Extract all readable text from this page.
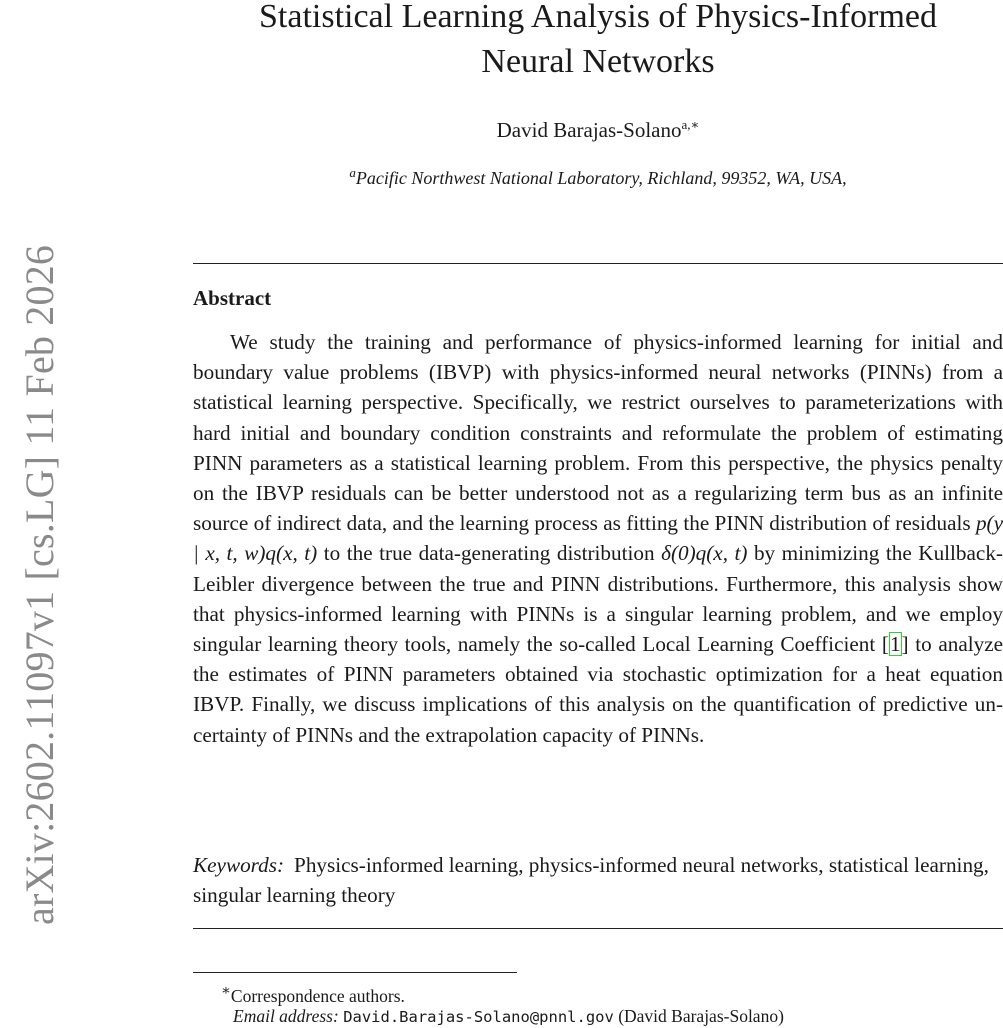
arXiv:2602.11097v1 [cs.LG] 11 Feb 2026
Statistical Learning Analysis of Physics-Informed
Neural Networks
David Barajas-Solano$^{a,∗}$
$^a$Pacific Northwest National Laboratory, Richland, 99352, WA, USA,
Abstract

We study the training and performance of physics-informed learning for initial and boundary value problems (IBVP) with physics-informed neural networks (PINNs) from a statistical learning perspective. Specifically, we restrict ourselves to parameterizations with hard initial and boundary condition constraints and reformulate the problem of estimating PINN parameters as a statistical learning problem. From this perspective, the physics penalty on the IBVP residuals can be better understood not as a regularizing term bus as an infinite source of indirect data, and the learning process as fitting the PINN distribution of residuals p(y | x, t, w)q(x, t) to the true data-generating distribution δ(0)q(x, t) by minimizing the Kullback-Leibler divergence between the true and PINN distributions. Furthermore, this analysis show that physics-informed learning with PINNs is a singular learning problem, and we employ singular learning theory tools, namely the so-called Local Learning Coefficient [1] to analyze the estimates of PINN parameters obtained via stochastic optimization for a heat equation IBVP. Finally, we discuss implications of this analysis on the quantification of predictive uncertainty of PINNs and the extrapolation capacity of PINNs.

Keywords: Physics-informed learning, physics-informed neural networks, statistical learning, singular learning theory

∗Correspondence authors.
Email address: David.Barajas-Solano@pnnl.gov (David Barajas-Solano)
